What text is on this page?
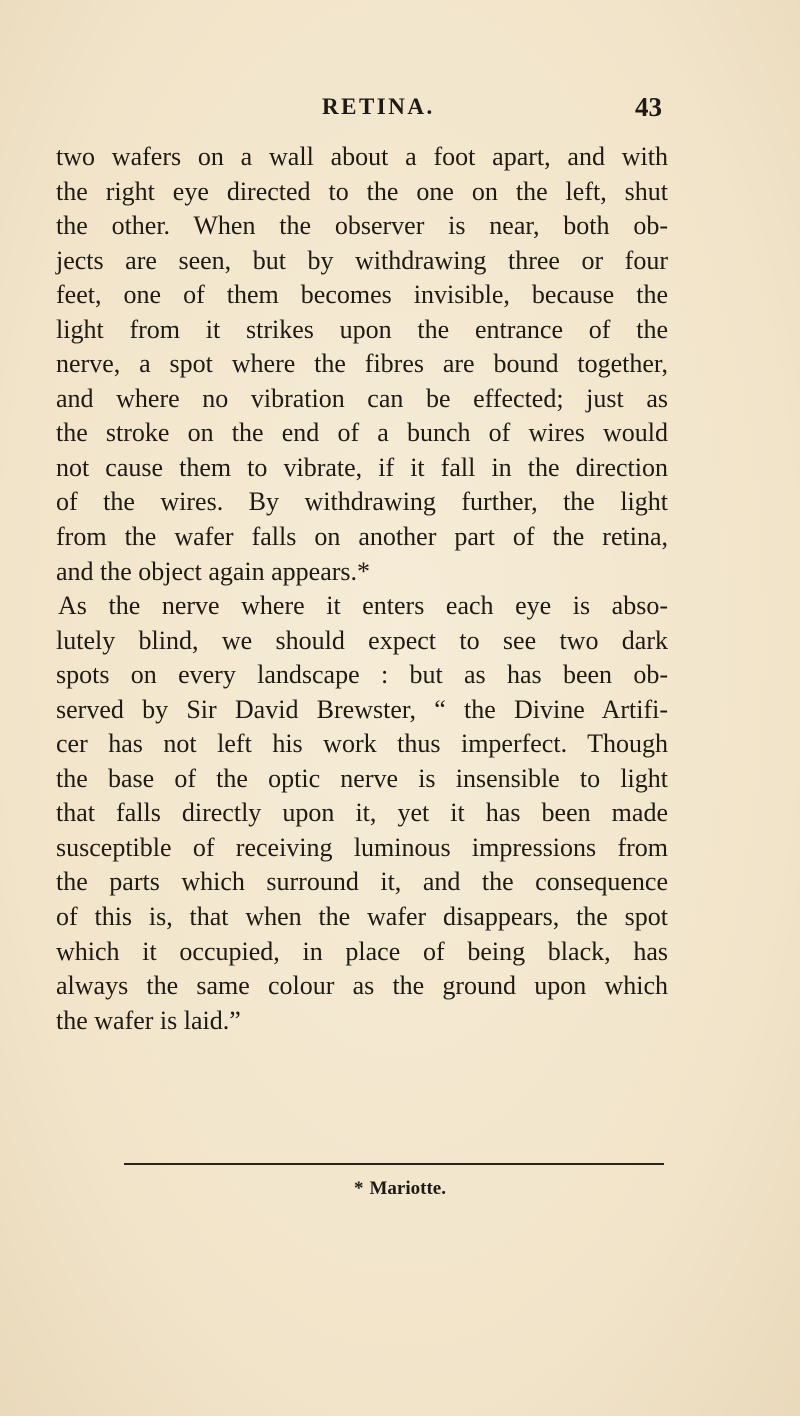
RETINA.	43
two wafers on a wall about a foot apart, and with
the right eye directed to the one on the left, shut
the other. When the observer is near, both ob-
jects are seen, but by withdrawing three or four
feet, one of them becomes invisible, because the
light from it strikes upon the entrance of the
nerve, a spot where the fibres are bound together,
and where no vibration can be effected; just as
the stroke on the end of a bunch of wires would
not cause them to vibrate, if it fall in the direction
of the wires. By withdrawing further, the light
from the wafer falls on another part of the retina,
and the object again appears.*
As the nerve where it enters each eye is abso-
lutely blind, we should expect to see two dark
spots on every landscape : but as has been ob-
served by Sir David Brewster, “ the Divine Artifi-
cer has not left his work thus imperfect. Though
the base of the optic nerve is insensible to light
that falls directly upon it, yet it has been made
susceptible of receiving luminous impressions from
the parts which surround it, and the consequence
of this is, that when the wafer disappears, the spot
which it occupied, in place of being black, has
always the same colour as the ground upon which
the wafer is laid.”
* Mariotte.
